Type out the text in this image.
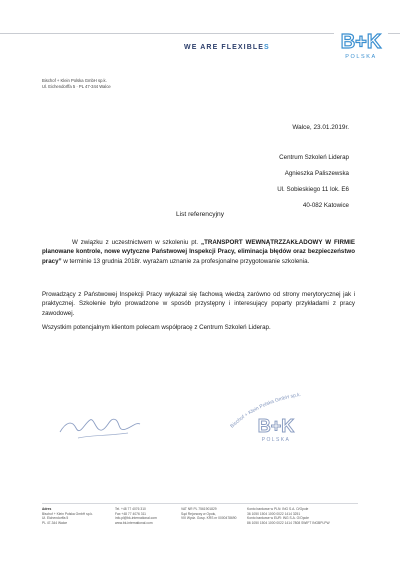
WE ARE FLEXIBLES	B+K
POLSKA
Bischof + Klein Polska GmbH sp.k.
Ul. Eichendorffa 5 · PL 47-344 Walce
Walce, 23.01.2019r.
Centrum Szkoleń Liderap
Agnieszka Paliszewska
Ul. Sobieskiego 11 lok. E6
40-082 Katowice
List referencyjny
W związku z uczestnictwem w szkoleniu pt. „TRANSPORT WEWNĄTRZZAKŁADOWY W FIRMIE planowane kontrole, nowe wytyczne Państwowej Inspekcji Pracy, eliminacja błędów oraz bezpieczeństwo pracy” w terminie 13 grudnia 2018r. wyrażam uznanie za profesjonalne przygotowanie szkolenia.
Prowadzący z Państwowej Inspekcji Pracy wykazał się fachową wiedzą zarówno od strony merytorycznej jak i praktycznej. Szkolenie było prowadzone w sposób przystępny i interesujący poparty przykładami z pracy zawodowej.
Wszystkim potencjalnym klientom polecam współpracę z Centrum Szkoleń Liderap.
Bischof + Klein Polska GmbH sp.k.
B+K
POLSKA
Adres
Bischof + Klein Polska GmbH sp.k.
Ul. Eichendorffa 5
PL 47-344 Walce
Tel. +48 77 4076 310
Fax +48 77 4076 311
info.pl@bk-international.com
www.bk-international.com
VAT NR PL 7561901829
Sąd Rejonowy w Opolu,
VIII Wydz. Gosp. KRS nr 0000478690
Konto bankowe w PLN: ING S.A. O/Opole
36 1050 1504 1000 0022 1414 3251
Konto bankowe w EUR: ING S.A. O/Opole
86 1050 1504 1000 0022 1414 7808 SWIFT INGBPLPW
